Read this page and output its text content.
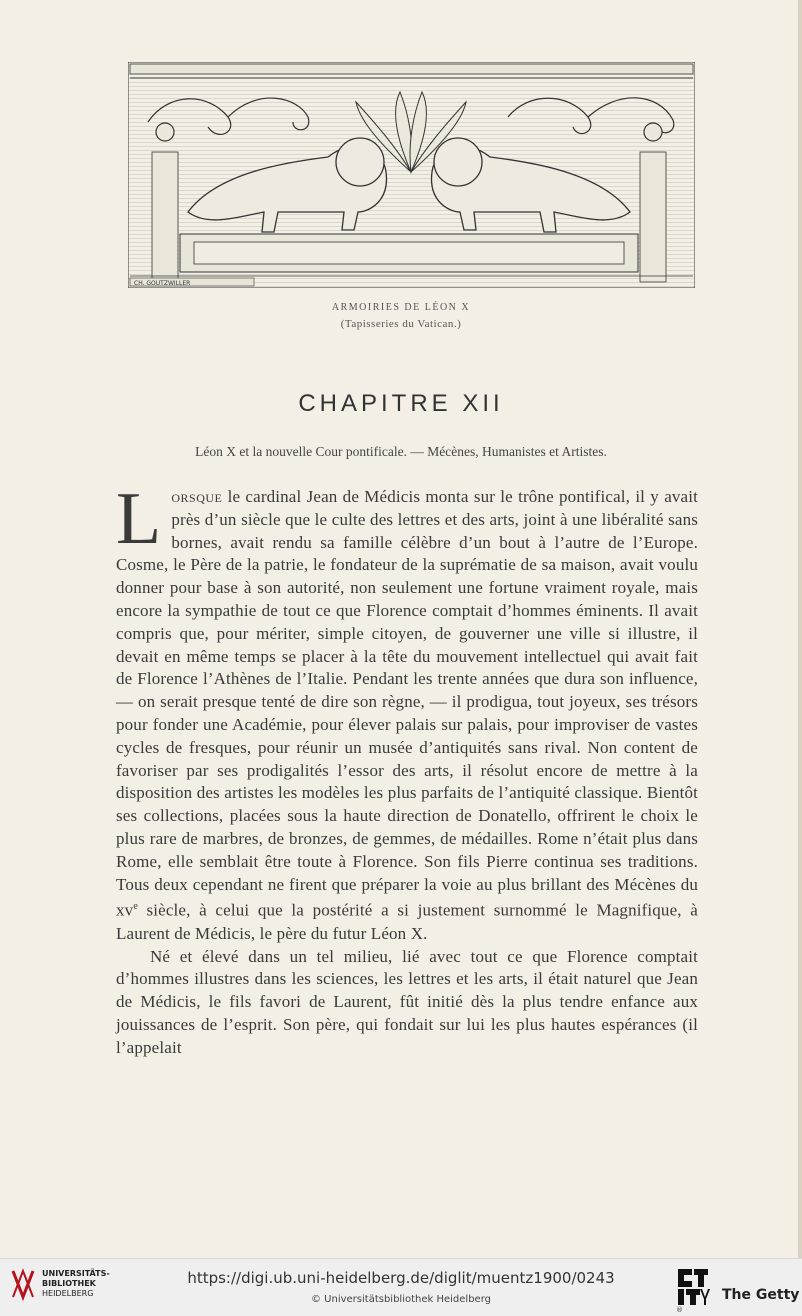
CH. GOUTZWILLER
ARMOIRIES DE LÉON X
(Tapisseries du Vatican.)
CHAPITRE XII
Léon X et la nouvelle Cour pontificale. — Mécènes, Humanistes et Artistes.

Lorsque le cardinal Jean de Médicis monta sur le trône pontifical, il y avait près d’un siècle que le culte des lettres et des arts, joint à une libéralité sans bornes, avait rendu sa famille célèbre d’un bout à l’autre de l’Europe. Cosme, le Père de la patrie, le fondateur de la suprématie de sa maison, avait voulu donner pour base à son autorité, non seulement une fortune vraiment royale, mais encore la sympathie de tout ce que Florence comptait d’hommes éminents. Il avait compris que, pour mériter, simple citoyen, de gouverner une ville si illustre, il devait en même temps se placer à la tête du mouvement intellectuel qui avait fait de Florence l’Athènes de l’Italie. Pendant les trente années que dura son influence, — on serait presque tenté de dire son règne, — il prodigua, tout joyeux, ses trésors pour fonder une Académie, pour élever palais sur palais, pour improviser de vastes cycles de fresques, pour réunir un musée d’antiquités sans rival. Non content de favoriser par ses prodigalités l’essor des arts, il résolut encore de mettre à la disposition des artistes les modèles les plus parfaits de l’antiquité classique. Bientôt ses collections, placées sous la haute direction de Donatello, offrirent le choix le plus rare de marbres, de bronzes, de gemmes, de médailles. Rome n’était plus dans Rome, elle semblait être toute à Florence. Son fils Pierre continua ses traditions. Tous deux cependant ne firent que préparer la voie au plus brillant des Mécènes du $xv^e$ siècle, à celui que la postérité a si justement surnommé le Magnifique, à Laurent de Médicis, le père du futur Léon X.

Né et élevé dans un tel milieu, lié avec tout ce que Florence comptait d’hommes illustres dans les sciences, les lettres et les arts, il était naturel que Jean de Médicis, le fils favori de Laurent, fût initié dès la plus tendre enfance aux jouissances de l’esprit. Son père, qui fondait sur lui les plus hautes espérances (il l’appelait

UNIVERSITÄTS-
BIBLIOTHEK
HEIDELBERG
https://digi.ub.uni-heidelberg.de/diglit/muentz1900/0243
© Universitätsbibliothek Heidelberg
®
The Getty
